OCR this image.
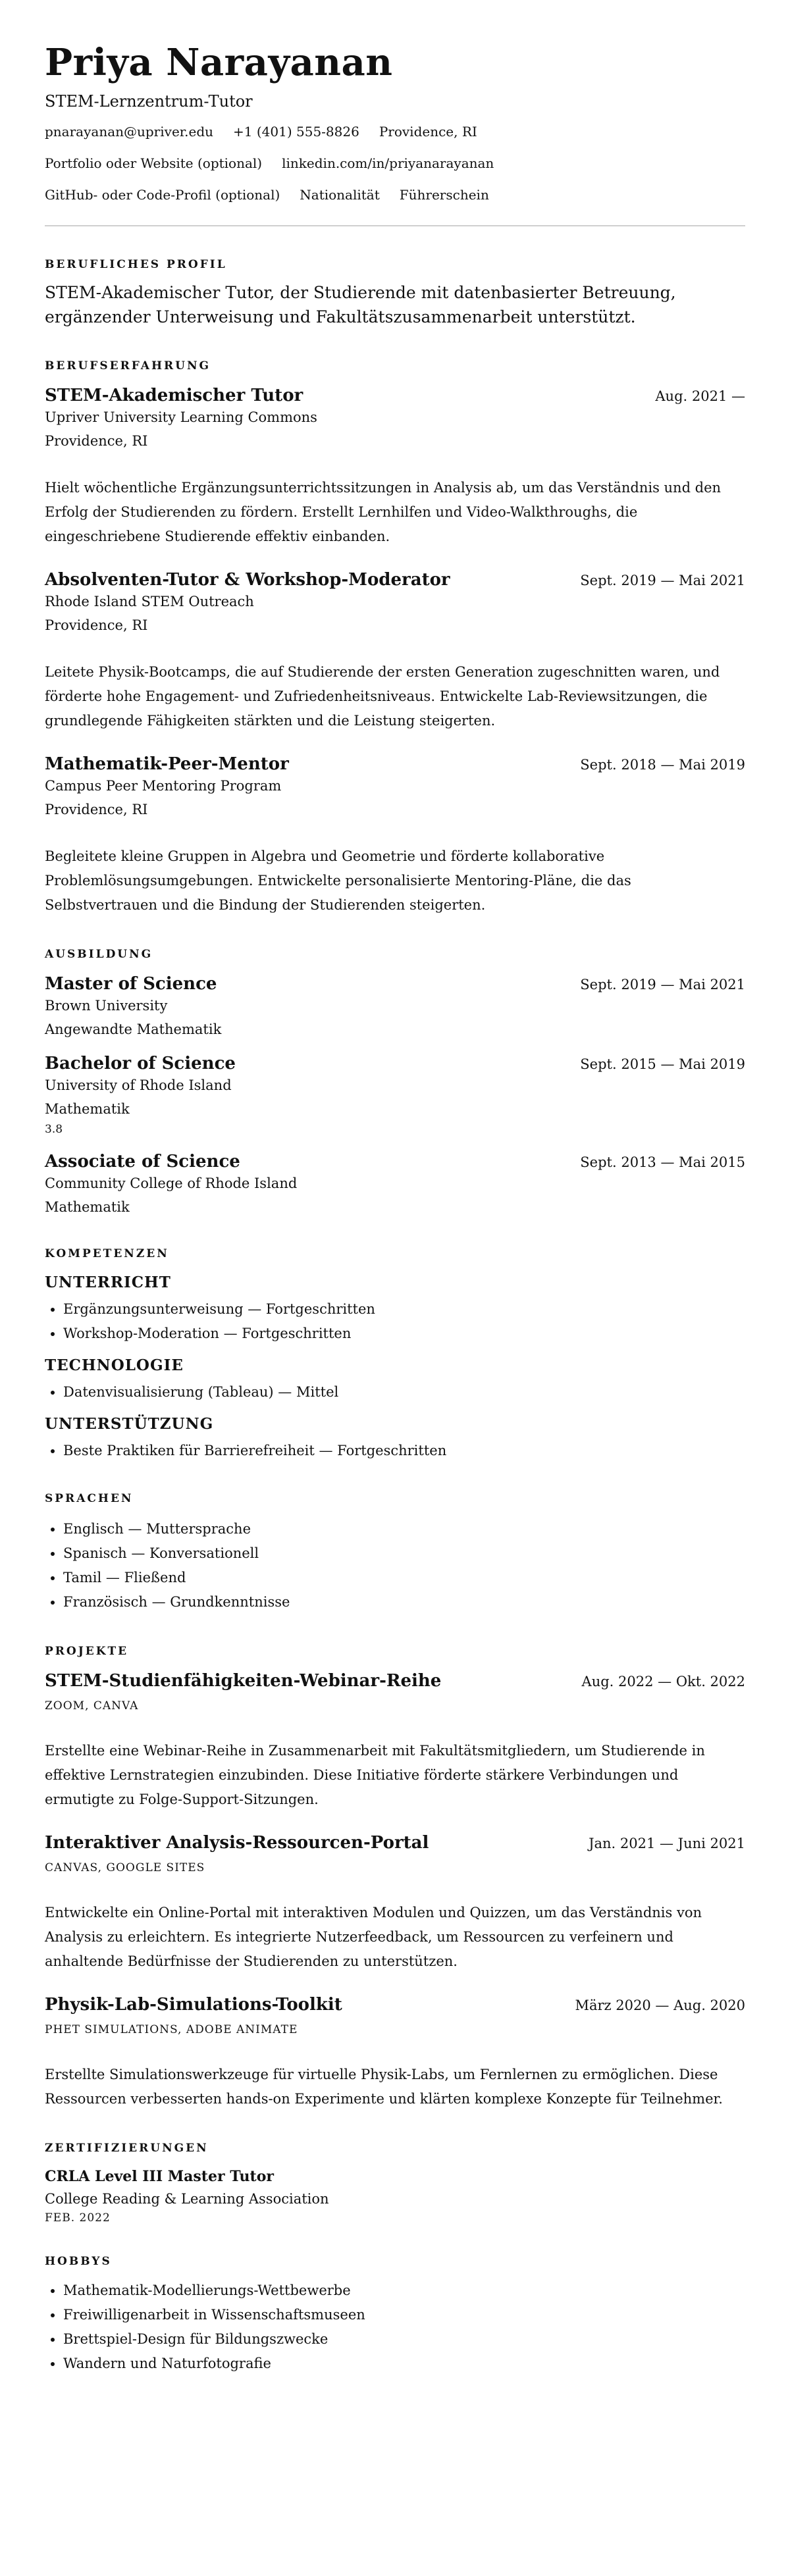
Priya Narayanan
STEM-Lernzentrum-Tutor
pnarayanan@upriver.edu +1 (401) 555-8826 Providence, RI
Portfolio oder Website (optional) linkedin.com/in/priyanarayanan
GitHub- oder Code-Profil (optional) Nationalität Führerschein
BERUFLICHES PROFIL
STEM-Akademischer Tutor, der Studierende mit datenbasierter Betreuung, ergänzender Unterweisung und Fakultätszusammenarbeit unterstützt.
BERUFSERFAHRUNG
STEM-Akademischer Tutor	Aug. 2021 —
Upriver University Learning Commons
Providence, RI
Hielt wöchentliche Ergänzungsunterrichtssitzungen in Analysis ab, um das Verständnis und den Erfolg der Studierenden zu fördern. Erstellt Lernhilfen und Video-Walkthroughs, die eingeschriebene Studierende effektiv einbanden.
Absolventen-Tutor & Workshop-Moderator	Sept. 2019 — Mai 2021
Rhode Island STEM Outreach
Providence, RI
Leitete Physik-Bootcamps, die auf Studierende der ersten Generation zugeschnitten waren, und förderte hohe Engagement- und Zufriedenheitsniveaus. Entwickelte Lab-Reviewsitzungen, die grundlegende Fähigkeiten stärkten und die Leistung steigerten.
Mathematik-Peer-Mentor	Sept. 2018 — Mai 2019
Campus Peer Mentoring Program
Providence, RI
Begleitete kleine Gruppen in Algebra und Geometrie und förderte kollaborative Problemlösungsumgebungen. Entwickelte personalisierte Mentoring-Pläne, die das Selbstvertrauen und die Bindung der Studierenden steigerten.
AUSBILDUNG
Master of Science	Sept. 2019 — Mai 2021
Brown University
Angewandte Mathematik
Bachelor of Science	Sept. 2015 — Mai 2019
University of Rhode Island
Mathematik
3.8
Associate of Science	Sept. 2013 — Mai 2015
Community College of Rhode Island
Mathematik
KOMPETENZEN
UNTERRICHT
• Ergänzungsunterweisung — Fortgeschritten
• Workshop-Moderation — Fortgeschritten
TECHNOLOGIE
• Datenvisualisierung (Tableau) — Mittel
UNTERSTÜTZUNG
• Beste Praktiken für Barrierefreiheit — Fortgeschritten
SPRACHEN
• Englisch — Muttersprache
• Spanisch — Konversationell
• Tamil — Fließend
• Französisch — Grundkenntnisse
PROJEKTE
STEM-Studienfähigkeiten-Webinar-Reihe	Aug. 2022 — Okt. 2022
ZOOM, CANVA
Erstellte eine Webinar-Reihe in Zusammenarbeit mit Fakultätsmitgliedern, um Studierende in effektive Lernstrategien einzubinden. Diese Initiative förderte stärkere Verbindungen und ermutigte zu Folge-Support-Sitzungen.
Interaktiver Analysis-Ressourcen-Portal	Jan. 2021 — Juni 2021
CANVAS, GOOGLE SITES
Entwickelte ein Online-Portal mit interaktiven Modulen und Quizzen, um das Verständnis von Analysis zu erleichtern. Es integrierte Nutzerfeedback, um Ressourcen zu verfeinern und anhaltende Bedürfnisse der Studierenden zu unterstützen.
Physik-Lab-Simulations-Toolkit	März 2020 — Aug. 2020
PHET SIMULATIONS, ADOBE ANIMATE
Erstellte Simulationswerkzeuge für virtuelle Physik-Labs, um Fernlernen zu ermöglichen. Diese Ressourcen verbesserten hands-on Experimente und klärten komplexe Konzepte für Teilnehmer.
ZERTIFIZIERUNGEN
CRLA Level III Master Tutor
College Reading & Learning Association
FEB. 2022
HOBBYS
• Mathematik-Modellierungs-Wettbewerbe
• Freiwilligenarbeit in Wissenschaftsmuseen
• Brettspiel-Design für Bildungszwecke
• Wandern und Naturfotografie
